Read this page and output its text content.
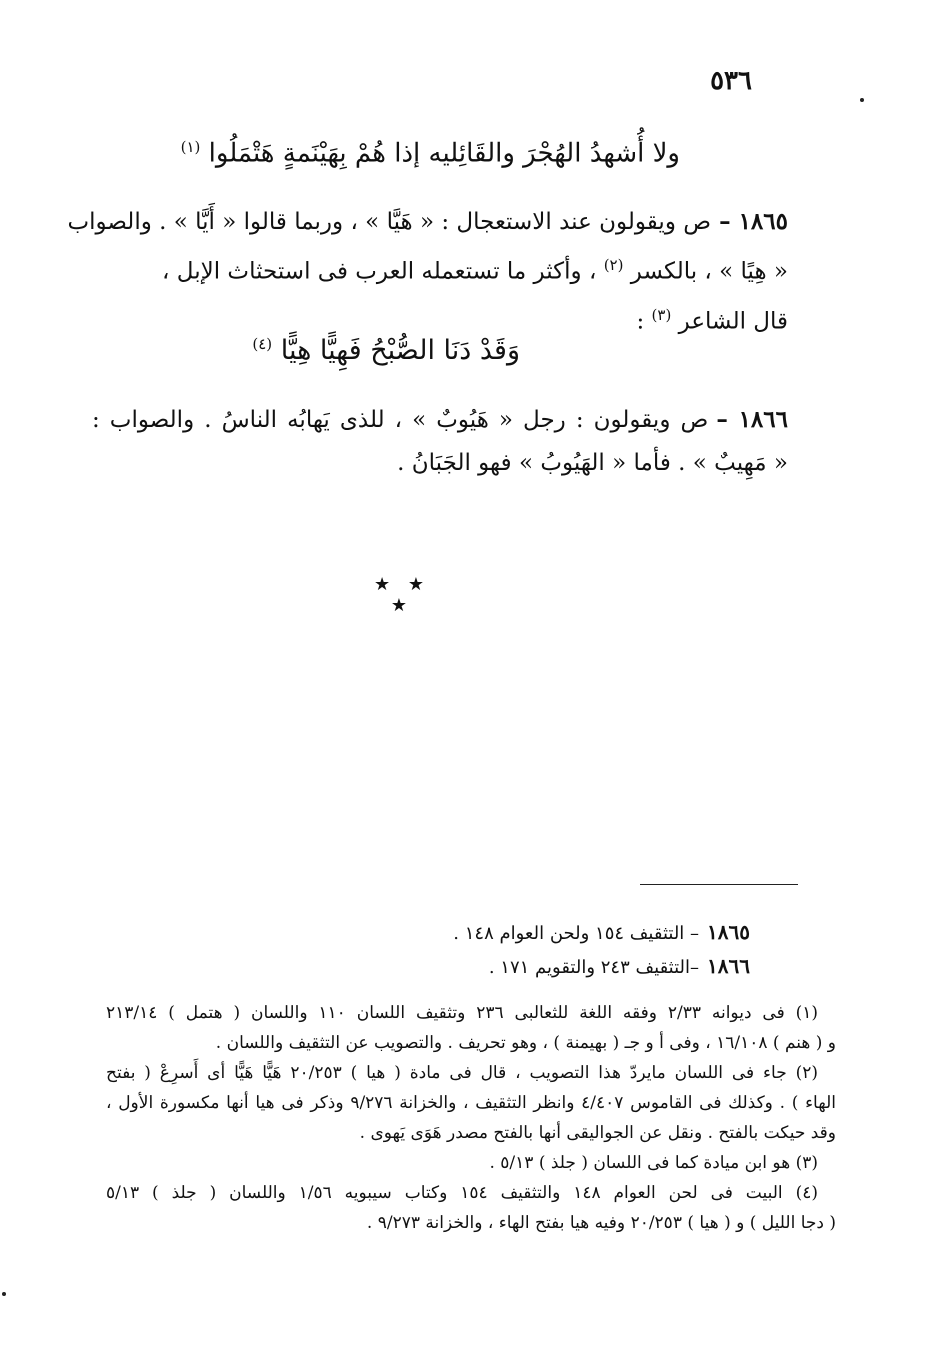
٥٣٦
ولا أُشهدُ الهُجْرَ والقَائِليه إذا هُمْ بِهَيْنَمةٍ هَتْمَلُوا $^{(١)}$
١٨٦٥ –ص ويقولون عند الاستعجال : « هَيَّا » ، وربما قالوا « أَيَّا » . والصواب
« هِيًا » ، بالكسر $^{(٢)}$ ، وأكثر ما تستعمله العرب فى استحثاث الإبل ،
قال الشاعر $^{(٣)}$ :
وَقَدْ دَنَا الصُّبْحُ فَهِيًّا هِيًّا $^{(٤)}$
١٨٦٦ –ص ويقولون : رجل « هَيُوبٌ » ، للذى يَهابُه الناسُ . والصواب :
« مَهِيبٌ » . فأما « الهَيُوبُ » فهو الجَبَانُ .
★ ★ ★
١٨٦٥– التثقيف ١٥٤ ولحن العوام ١٤٨ .
١٨٦٦–التثقيف ٢٤٣ والتقويم ١٧١ .
(١) فى ديوانه ٢/٣٣ وفقه اللغة للثعالبى ٢٣٦ وتثقيف اللسان ١١٠ واللسان ( هتمل ) ٢١٣/١٤
و ( هنم ) ١٦/١٠٨ ، وفى أ و جـ ( بهيمنة ) ، وهو تحريف . والتصويب عن التثقيف واللسان .
(٢) جاء فى اللسان مايردّ هذا التصويب ، قال فى مادة ( هيا ) ٢٠/٢٥٣ هَيًّا هَيًّا أى أَسرِعْ ( بفتح
الهاء ) . وكذلك فى القاموس ٤/٤٠٧ وانظر التثقيف ، والخزانة ٩/٢٧٦ وذكر فى هيا أنها مكسورة الأول ،
وقد حيكت بالفتح . ونقل عن الجواليقى أنها بالفتح مصدر هَوَى يَهوى .
(٣) هو ابن ميادة كما فى اللسان ( جلذ ) ٥/١٣ .
(٤) البيت فى لحن العوام ١٤٨ والتثقيف ١٥٤ وكتاب سيبويه ١/٥٦ واللسان ( جلذ ) ٥/١٣
( دجا الليل ) و ( هيا ) ٢٠/٢٥٣ وفيه هيا بفتح الهاء ، والخزانة ٩/٢٧٣ .
